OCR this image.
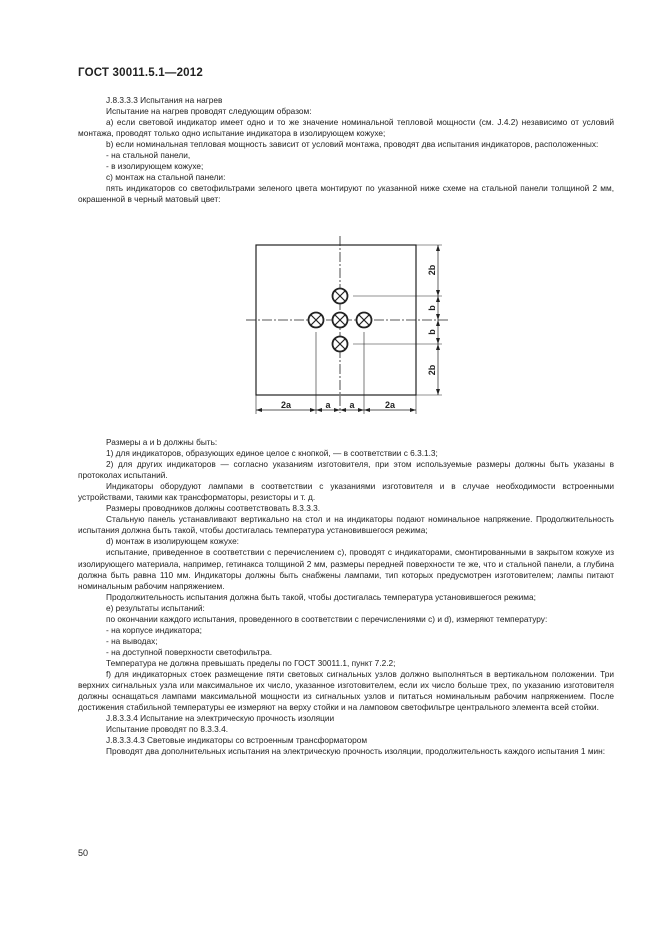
ГОСТ 30011.5.1—2012

J.8.3.3.3 Испытания на нагрев

Испытание на нагрев проводят следующим образом:

а) если световой индикатор имеет одно и то же значение номинальной тепловой мощности (см. J.4.2) независимо от условий монтажа, проводят только одно испытание индикатора в изолирующем кожухе;

b) если номинальная тепловая мощность зависит от условий монтажа, проводят два испытания индикаторов, расположенных:

- на стальной панели,

- в изолирующем кожухе;

с) монтаж на стальной панели:

пять индикаторов со светофильтрами зеленого цвета монтируют по указанной ниже схеме на стальной панели толщиной 2 мм, окрашенной в черный матовый цвет:

2b
b
b
2b
2a	a a	2a

Размеры a и b должны быть:

1) для индикаторов, образующих единое целое с кнопкой, — в соответствии с 6.3.1.3;

2) для других индикаторов — согласно указаниям изготовителя, при этом используемые размеры должны быть указаны в протоколах испытаний.

Индикаторы оборудуют лампами в соответствии с указаниями изготовителя и в случае необходимости встроенными устройствами, такими как трансформаторы, резисторы и т. д.

Размеры проводников должны соответствовать 8.3.3.3.

Стальную панель устанавливают вертикально на стол и на индикаторы подают номинальное напряжение. Продолжительность испытания должна быть такой, чтобы достигалась температура установившегося режима;

d) монтаж в изолирующем кожухе:

испытание, приведенное в соответствии с перечислением с), проводят с индикаторами, смонтированными в закрытом кожухе из изолирующего материала, например, гетинакса толщиной 2 мм, размеры передней поверхности те же, что и стальной панели, а глубина должна быть равна 110 мм. Индикаторы должны быть снабжены лампами, тип которых предусмотрен изготовителем; лампы питают номинальным рабочим напряжением.

Продолжительность испытания должна быть такой, чтобы достигалась температура установившегося режима;

е) результаты испытаний:

по окончании каждого испытания, проведенного в соответствии с перечислениями с) и d), измеряют температуру:

- на корпусе индикатора;

- на выводах;

- на доступной поверхности светофильтра.

Температура не должна превышать пределы по ГОСТ 30011.1, пункт 7.2.2;

f) для индикаторных стоек размещение пяти световых сигнальных узлов должно выполняться в вертикальном положении. Три верхних сигнальных узла или максимальное их число, указанное изготовителем, если их число больше трех, по указанию изготовителя должны оснащаться лампами максимальной мощности из сигнальных узлов и питаться номинальным рабочим напряжением. После достижения стабильной температуры ее измеряют на верху стойки и на ламповом светофильтре центрального элемента всей стойки.

J.8.3.3.4 Испытание на электрическую прочность изоляции

Испытание проводят по 8.3.3.4.

J.8.3.3.4.3 Световые индикаторы со встроенным трансформатором

Проводят два дополнительных испытания на электрическую прочность изоляции, продолжительность каждого испытания 1 мин:

50
